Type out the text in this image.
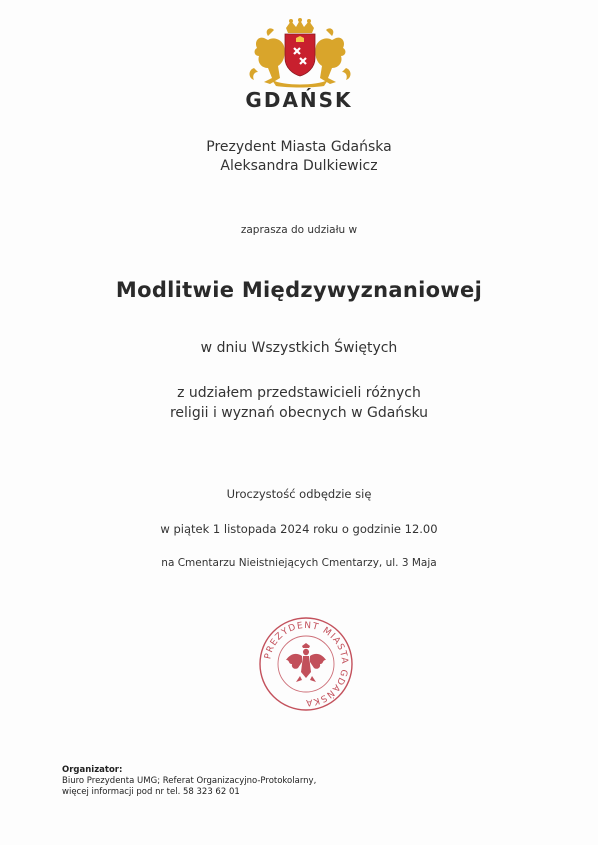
GDAŃSK
Prezydent Miasta Gdańska
Aleksandra Dulkiewicz
zaprasza do udziału w
Modlitwie Międzywyznaniowej
w dniu Wszystkich Świętych
z udziałem przedstawicieli różnych
religii i wyznań obecnych w Gdańsku
Uroczystość odbędzie się
w piątek 1 listopada 2024 roku o godzinie 12.00
na Cmentarzu Nieistniejących Cmentarzy, ul. 3 Maja
PREZYDENT MIASTA GDAŃSKA
Organizator:
Biuro Prezydenta UMG; Referat Organizacyjno-Protokolarny,
więcej informacji pod nr tel. 58 323 62 01
